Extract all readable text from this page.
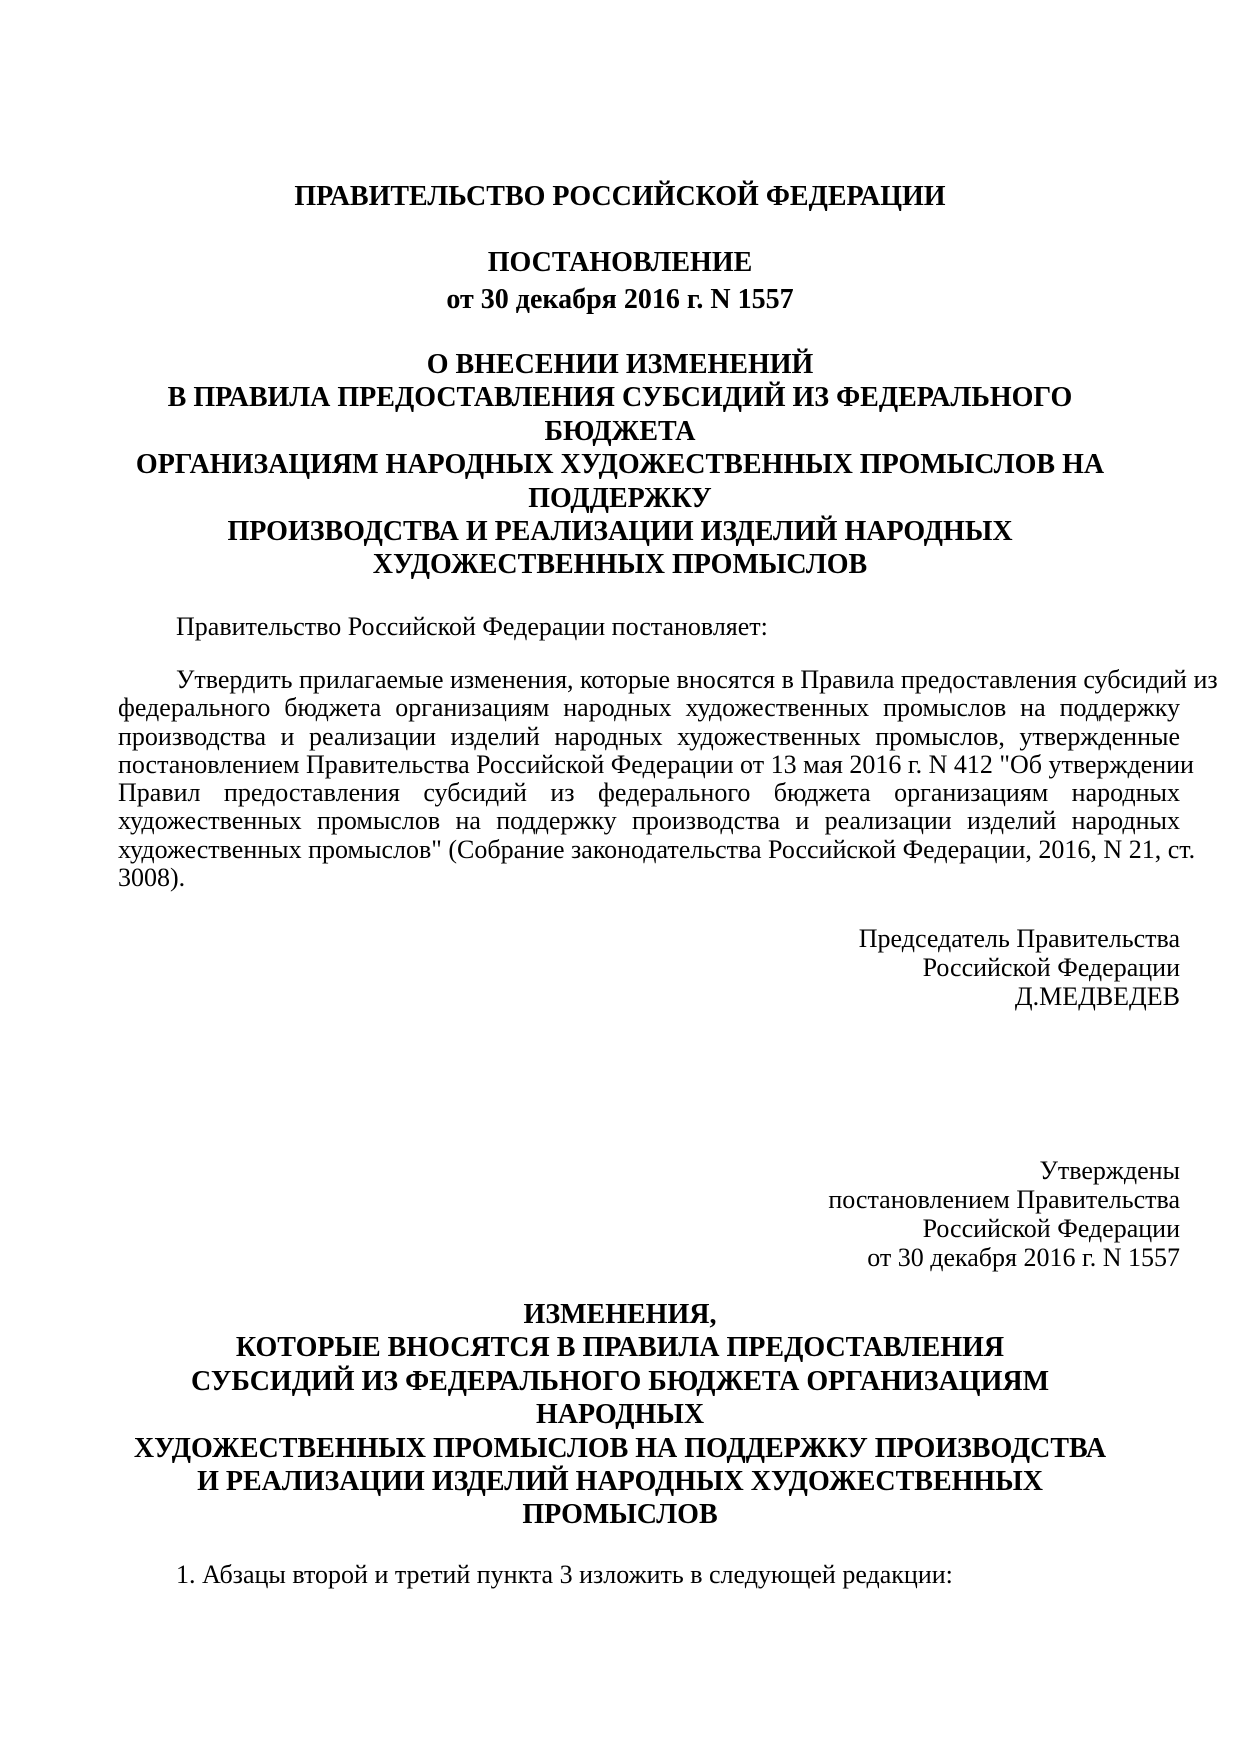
ПРАВИТЕЛЬСТВО РОССИЙСКОЙ ФЕДЕРАЦИИ
ПОСТАНОВЛЕНИЕ
от 30 декабря 2016 г. N 1557
О ВНЕСЕНИИ ИЗМЕНЕНИЙ
В ПРАВИЛА ПРЕДОСТАВЛЕНИЯ СУБСИДИЙ ИЗ ФЕДЕРАЛЬНОГО
БЮДЖЕТА
ОРГАНИЗАЦИЯМ НАРОДНЫХ ХУДОЖЕСТВЕННЫХ ПРОМЫСЛОВ НА
ПОДДЕРЖКУ
ПРОИЗВОДСТВА И РЕАЛИЗАЦИИ ИЗДЕЛИЙ НАРОДНЫХ
ХУДОЖЕСТВЕННЫХ ПРОМЫСЛОВ
Правительство Российской Федерации постановляет:
Утвердить прилагаемые изменения, которые вносятся в Правила предоставления субсидий из
федерального бюджета организациям народных художественных промыслов на поддержку
производства и реализации изделий народных художественных промыслов, утвержденные
постановлением Правительства Российской Федерации от 13 мая 2016 г. N 412 "Об утверждении
Правил предоставления субсидий из федерального бюджета организациям народных
художественных промыслов на поддержку производства и реализации изделий народных
художественных промыслов" (Собрание законодательства Российской Федерации, 2016, N 21, ст.
3008).
Председатель Правительства
Российской Федерации
Д.МЕДВЕДЕВ
Утверждены
постановлением Правительства
Российской Федерации
от 30 декабря 2016 г. N 1557
ИЗМЕНЕНИЯ,
КОТОРЫЕ ВНОСЯТСЯ В ПРАВИЛА ПРЕДОСТАВЛЕНИЯ
СУБСИДИЙ ИЗ ФЕДЕРАЛЬНОГО БЮДЖЕТА ОРГАНИЗАЦИЯМ
НАРОДНЫХ
ХУДОЖЕСТВЕННЫХ ПРОМЫСЛОВ НА ПОДДЕРЖКУ ПРОИЗВОДСТВА
И РЕАЛИЗАЦИИ ИЗДЕЛИЙ НАРОДНЫХ ХУДОЖЕСТВЕННЫХ
ПРОМЫСЛОВ
1. Абзацы второй и третий пункта 3 изложить в следующей редакции:
